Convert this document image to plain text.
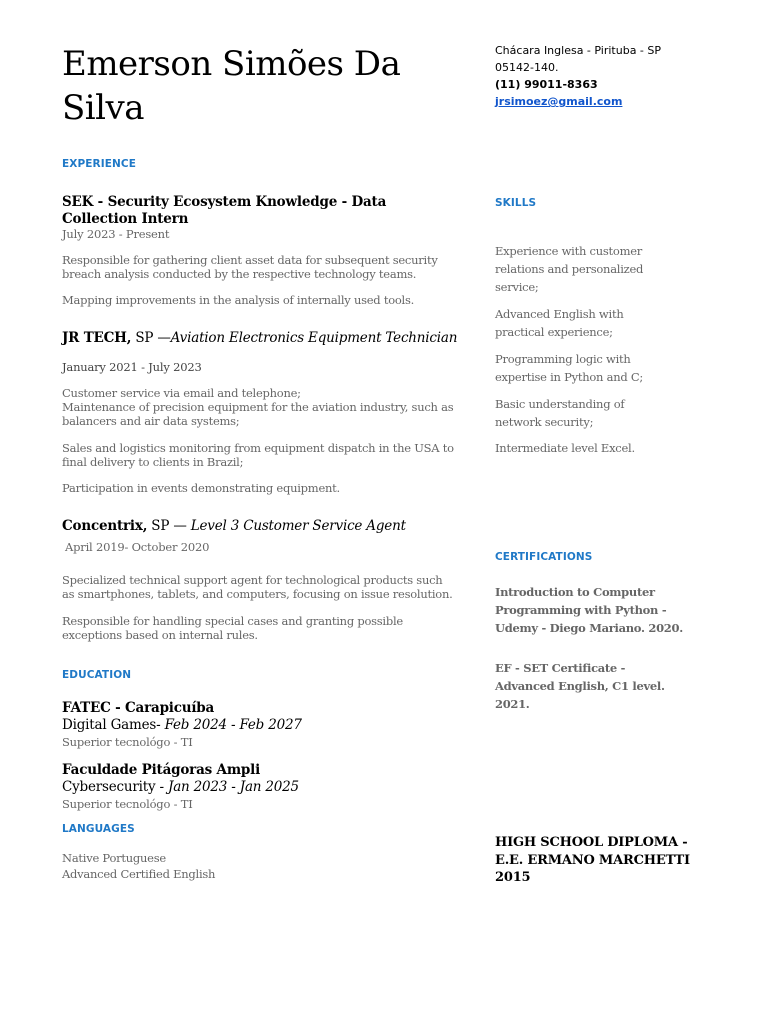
Emerson Simões Da Silva
Chácara Inglesa - Pirituba - SP
05142-140.
(11) 99011-8363
jrsimoez@gmail.com
EXPERIENCE
SEK - Security Ecosystem Knowledge - Data Collection Intern
July 2023 - Present
Responsible for gathering client asset data for subsequent security breach analysis conducted by the respective technology teams.
Mapping improvements in the analysis of internally used tools.
JR TECH, SP —Aviation Electronics Equipment Technician
January 2021 - July 2023
Customer service via email and telephone;
Maintenance of precision equipment for the aviation industry, such as balancers and air data systems;
Sales and logistics monitoring from equipment dispatch in the USA to final delivery to clients in Brazil;
Participation in events demonstrating equipment.
Concentrix, SP — Level 3 Customer Service Agent
April 2019- October 2020
Specialized technical support agent for technological products such as smartphones, tablets, and computers, focusing on issue resolution.
Responsible for handling special cases and granting possible exceptions based on internal rules.
EDUCATION
FATEC - Carapicuíba
Digital Games- Feb 2024 - Feb 2027
Superior tecnológo - TI
Faculdade Pitágoras Ampli
Cybersecurity - Jan 2023 - Jan 2025
Superior tecnológo - TI
LANGUAGES
Native Portuguese
Advanced Certified English
SKILLS
Experience with customer relations and personalized service;
Advanced English with practical experience;
Programming logic with expertise in Python and C;
Basic understanding of network security;
Intermediate level Excel.
CERTIFICATIONS
Introduction to Computer Programming with Python - Udemy - Diego Mariano. 2020.
EF - SET Certificate - Advanced English, C1 level. 2021.
HIGH SCHOOL DIPLOMA - E.E. ERMANO MARCHETTI 2015
